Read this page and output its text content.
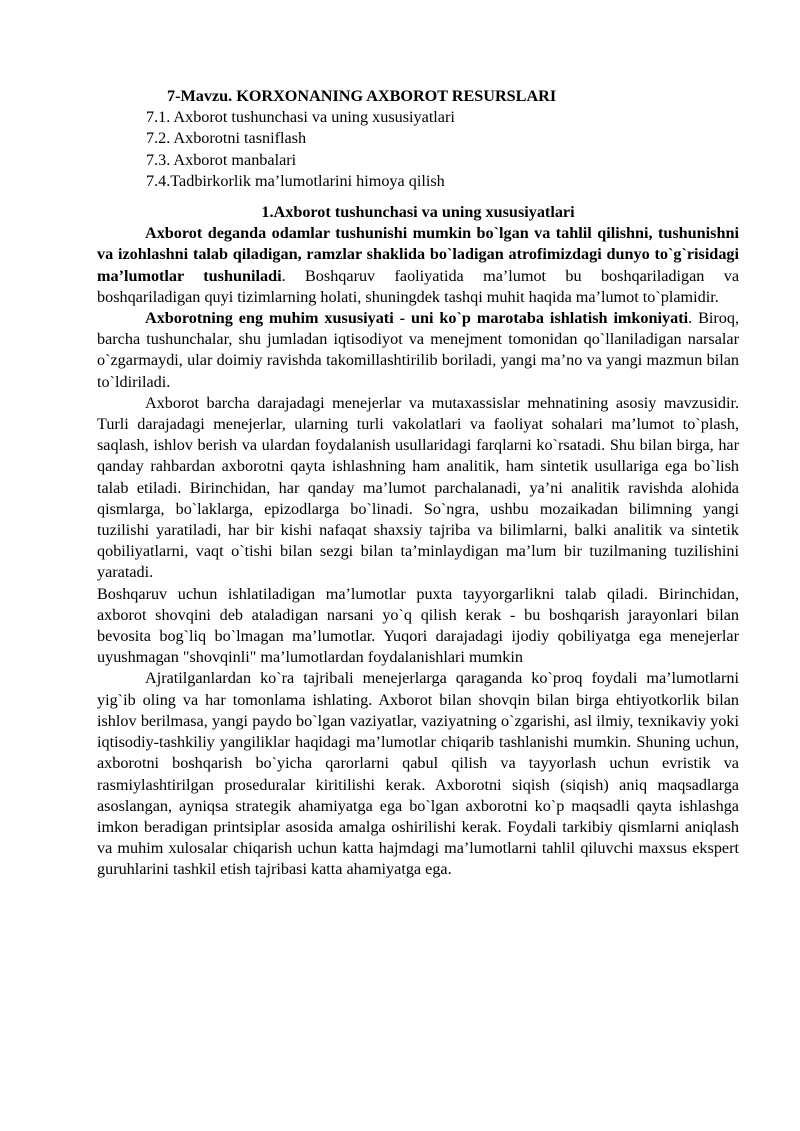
7-Mavzu. KORXONANING AXBOROT RESURSLARI
7.1. Axborot tushunchasi va uning xususiyatlari
7.2. Axborotni tasniflash
7.3. Axborot manbalari
7.4.Tadbirkorlik ma’lumotlarini himoya qilish
1.Axborot tushunchasi va uning xususiyatlari

Axborot deganda odamlar tushunishi mumkin bo`lgan va tahlil qilishni, tushunishni va izohlashni talab qiladigan, ramzlar shaklida bo`ladigan atrofimizdagi dunyo to`g`risidagi ma’lumotlar tushuniladi. Boshqaruv faoliyatida ma’lumot bu boshqariladigan va boshqariladigan quyi tizimlarning holati, shuningdek tashqi muhit haqida ma’lumot to`plamidir.

Axborotning eng muhim xususiyati - uni ko`p marotaba ishlatish imkoniyati. Biroq, barcha tushunchalar, shu jumladan iqtisodiyot va menejment tomonidan qo`llaniladigan narsalar o`zgarmaydi, ular doimiy ravishda takomillashtirilib boriladi, yangi ma’no va yangi mazmun bilan to`ldiriladi.

Axborot barcha darajadagi menejerlar va mutaxassislar mehnatining asosiy mavzusidir. Turli darajadagi menejerlar, ularning turli vakolatlari va faoliyat sohalari ma’lumot to`plash, saqlash, ishlov berish va ulardan foydalanish usullaridagi farqlarni ko`rsatadi. Shu bilan birga, har qanday rahbardan axborotni qayta ishlashning ham analitik, ham sintetik usullariga ega bo`lish talab etiladi. Birinchidan, har qanday ma’lumot parchalanadi, ya’ni analitik ravishda alohida qismlarga, bo`laklarga, epizodlarga bo`linadi. So`ngra, ushbu mozaikadan bilimning yangi tuzilishi yaratiladi, har bir kishi nafaqat shaxsiy tajriba va bilimlarni, balki analitik va sintetik qobiliyatlarni, vaqt o`tishi bilan sezgi bilan ta’minlaydigan ma’lum bir tuzilmaning tuzilishini yaratadi.

Boshqaruv uchun ishlatiladigan ma’lumotlar puxta tayyorgarlikni talab qiladi. Birinchidan, axborot shovqini deb ataladigan narsani yo`q qilish kerak - bu boshqarish jarayonlari bilan bevosita bog`liq bo`lmagan ma’lumotlar. Yuqori darajadagi ijodiy qobiliyatga ega menejerlar uyushmagan "shovqinli" ma’lumotlardan foydalanishlari mumkin

Ajratilganlardan ko`ra tajribali menejerlarga qaraganda ko`proq foydali ma’lumotlarni yig`ib oling va har tomonlama ishlating. Axborot bilan shovqin bilan birga ehtiyotkorlik bilan ishlov berilmasa, yangi paydo bo`lgan vaziyatlar, vaziyatning o`zgarishi, asl ilmiy, texnikaviy yoki iqtisodiy-tashkiliy yangiliklar haqidagi ma’lumotlar chiqarib tashlanishi mumkin. Shuning uchun, axborotni boshqarish bo`yicha qarorlarni qabul qilish va tayyorlash uchun evristik va rasmiylashtirilgan proseduralar kiritilishi kerak. Axborotni siqish (siqish) aniq maqsadlarga asoslangan, ayniqsa strategik ahamiyatga ega bo`lgan axborotni ko`p maqsadli qayta ishlashga imkon beradigan printsiplar asosida amalga oshirilishi kerak. Foydali tarkibiy qismlarni aniqlash va muhim xulosalar chiqarish uchun katta hajmdagi ma’lumotlarni tahlil qiluvchi maxsus ekspert guruhlarini tashkil etish tajribasi katta ahamiyatga ega.
